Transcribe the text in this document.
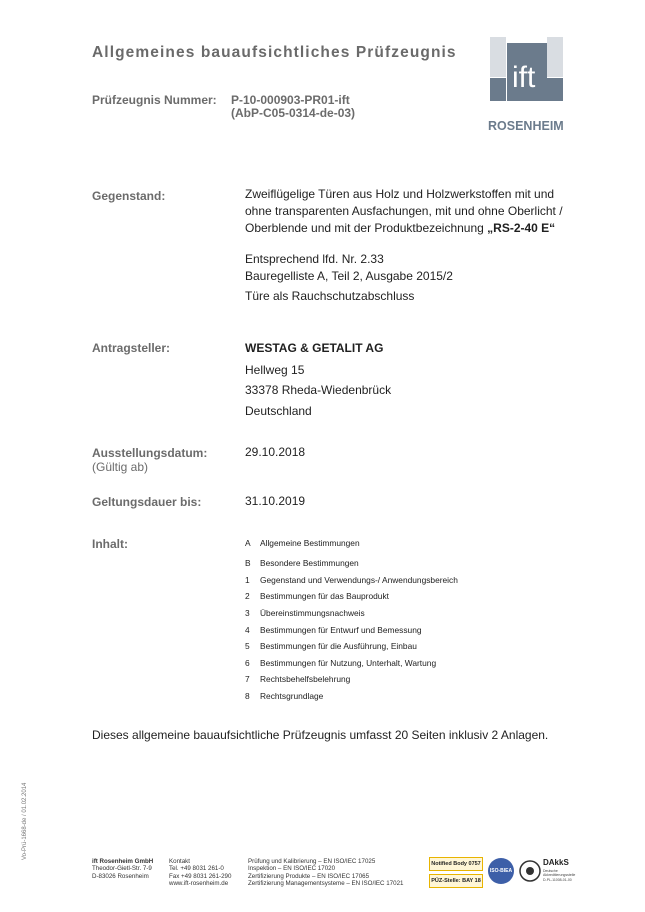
Allgemeines bauaufsichtliches Prüfzeugnis
ift
ROSENHEIM
Prüfzeugnis Nummer: P-10-000903-PR01-ift
(AbP-C05-0314-de-03)
Gegenstand:	Zweiflügelige Türen aus Holz und Holzwerkstoffen mit und
ohne transparenten Ausfachungen, mit und ohne Oberlicht /
Oberblende und mit der Produktbezeichnung „RS-2-40 E“
Entsprechend lfd. Nr. 2.33
Bauregelliste A, Teil 2, Ausgabe 2015/2
Türe als Rauchschutzabschluss
Antragsteller:	WESTAG & GETALIT AG
Hellweg 15
33378 Rheda-Wiedenbrück
Deutschland
Ausstellungsdatum:
(Gültig ab)
29.10.2018
Geltungsdauer bis:	31.10.2019
Inhalt:	A Allgemeine Bestimmungen
B Besondere Bestimmungen
1 Gegenstand und Verwendungs-/ Anwendungsbereich
2 Bestimmungen für das Bauprodukt
3 Übereinstimmungsnachweis
4 Bestimmungen für Entwurf und Bemessung
5 Bestimmungen für die Ausführung, Einbau
6 Bestimmungen für Nutzung, Unterhalt, Wartung
7 Rechtsbehelfsbelehrung
8 Rechtsgrundlage
Dieses allgemeine bauaufsichtliche Prüfzeugnis umfasst 20 Seiten inklusiv 2 Anlagen.
Vo-Prü-1668-de / 01.02.2014
ift Rosenheim GmbH
Theodor-Gietl-Str. 7-9
D-83026 Rosenheim
Kontakt
Tel. +49 8031 261-0
Fax +49 8031 261-290
www.ift-rosenheim.de
Prüfung und Kalibrierung – EN ISO/IEC 17025
Inspektion – EN ISO/IEC 17020
Zertifizierung Produkte – EN ISO/IEC 17065
Zertifizierung Managementsysteme – EN ISO/IEC 17021
Notified Body 0757
PÜZ-Stelle: BAY 18
ISO-BIEA
DAkkS
Deutsche Akkreditierungsstelle
D-PL-11008-01-00
